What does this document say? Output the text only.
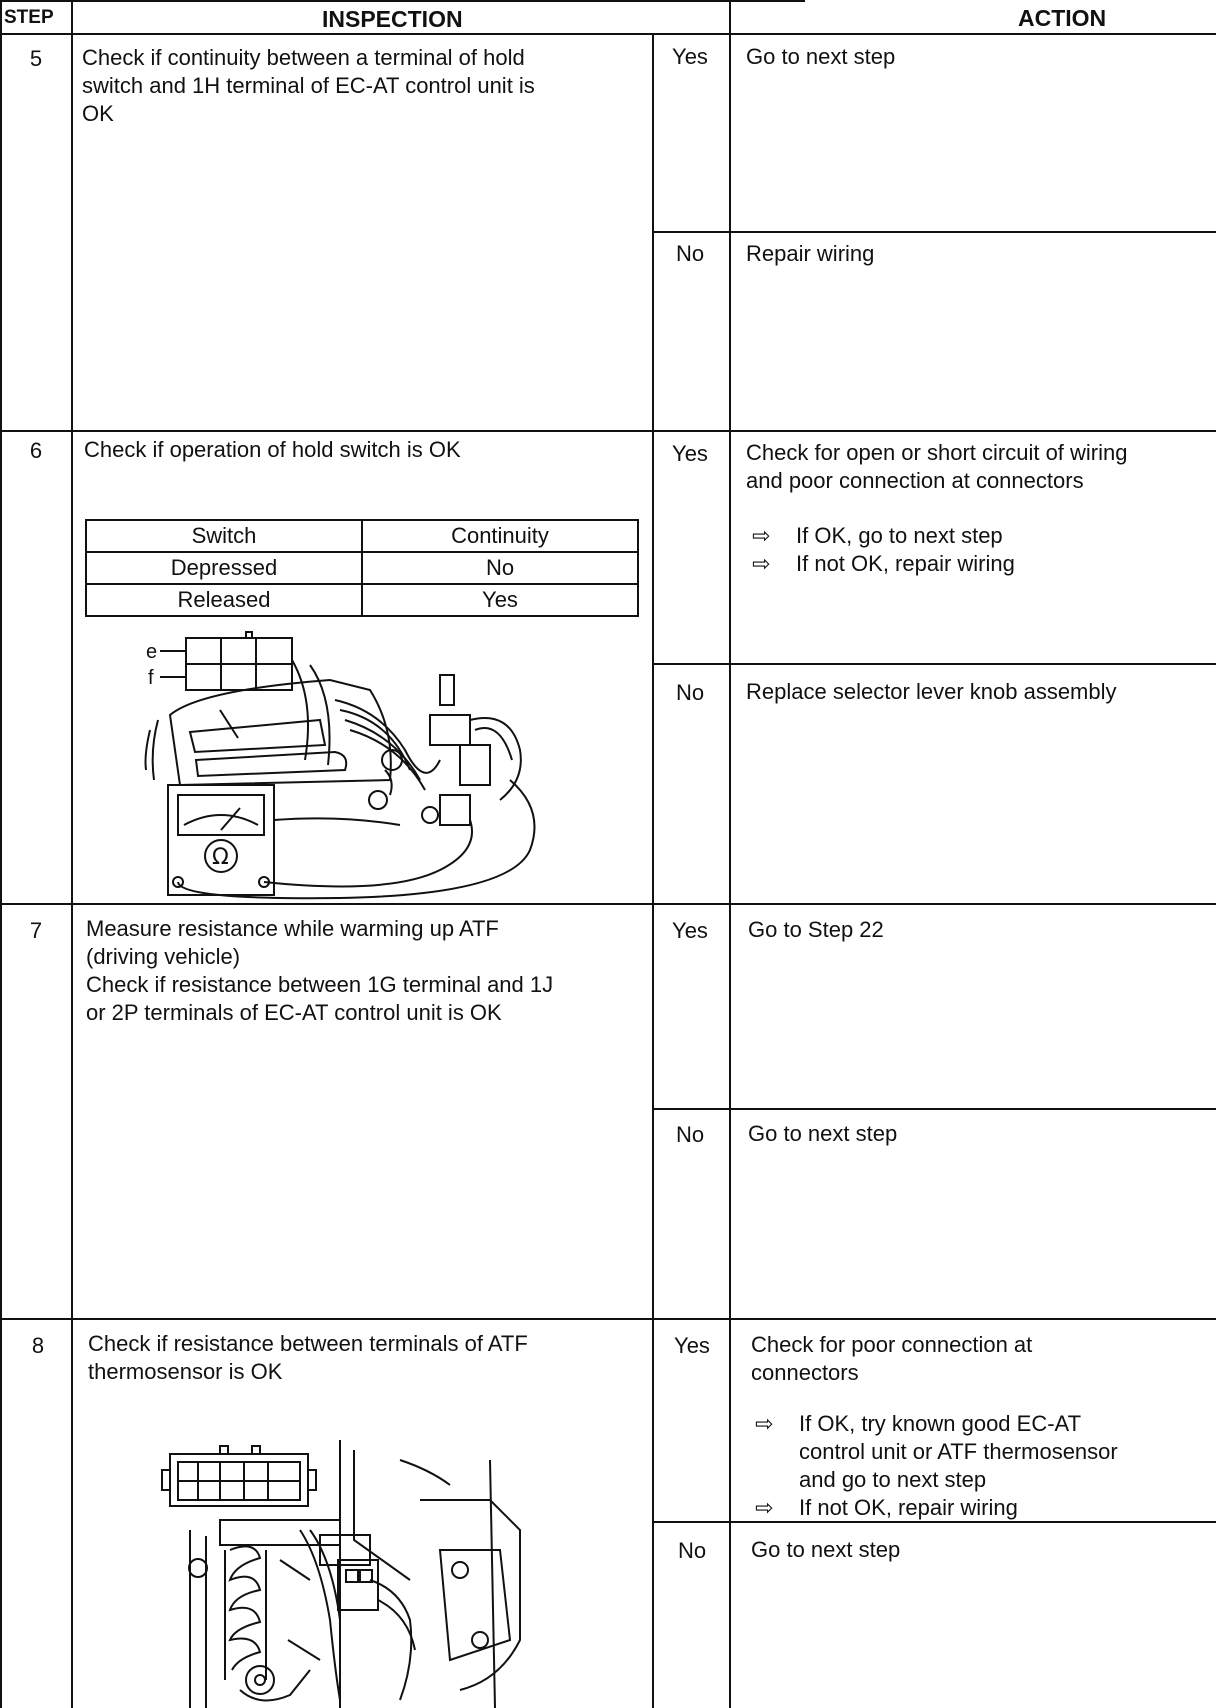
STEP	INSPECTION	ACTION
5	Check if continuity between a terminal of hold
switch and 1H terminal of EC-AT control unit is
OK
Yes	Go to next step
No	Repair wiring
6	Check if operation of hold switch is OK
Switch	Continuity
Depressed	No
Released	Yes
e
f
Ω
Yes	Check for open or short circuit of wiring
and poor connection at connectors
⇨ If OK, go to next step
⇨ If not OK, repair wiring
No	Replace selector lever knob assembly
7	Measure resistance while warming up ATF
(driving vehicle)
Check if resistance between 1G terminal and 1J
or 2P terminals of EC-AT control unit is OK
Yes	Go to Step 22
No	Go to next step
8	Check if resistance between terminals of ATF
thermosensor is OK
Yes	Check for poor connection at
connectors
⇨ If OK, try known good EC-AT
control unit or ATF thermosensor
and go to next step
⇨ If not OK, repair wiring
No	Go to next step
